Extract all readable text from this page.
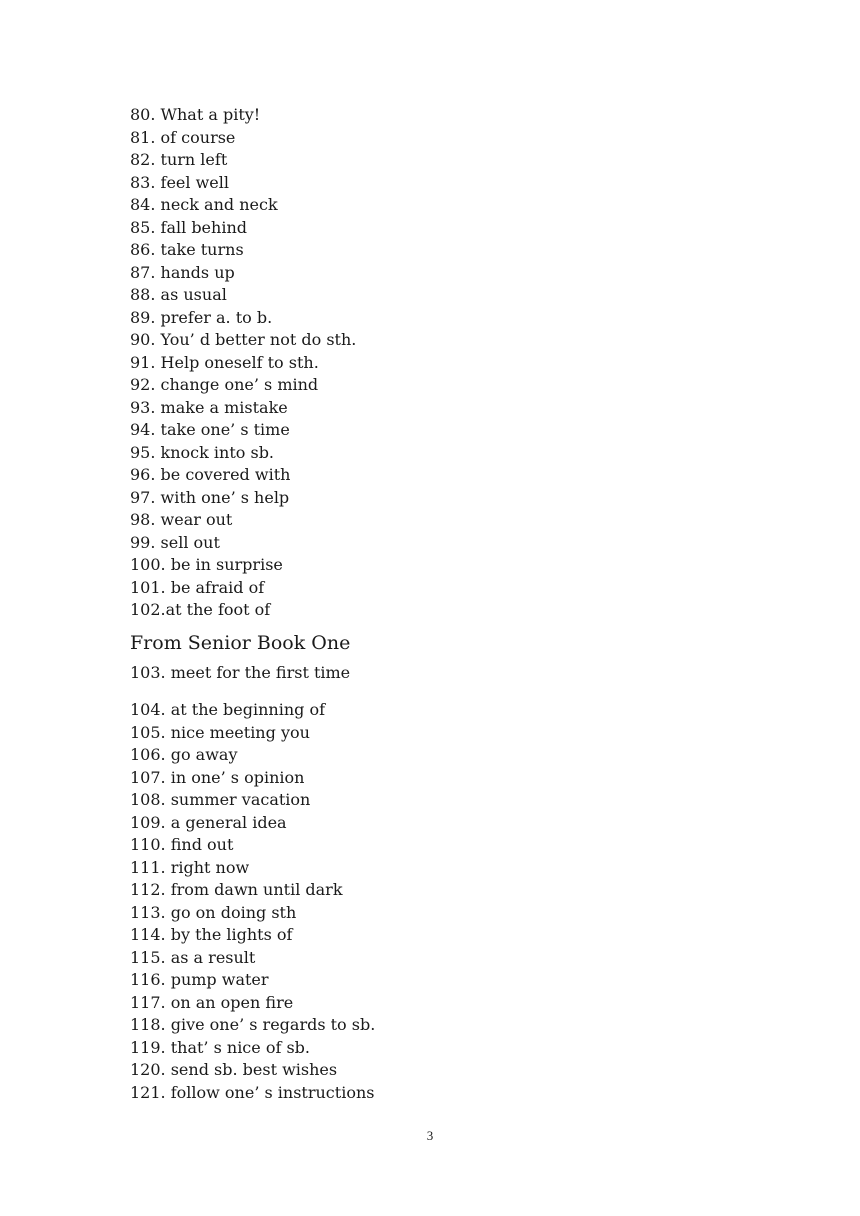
80. What a pity!
81. of course
82. turn left
83. feel well
84. neck and neck
85. fall behind
86. take turns
87. hands up
88. as usual
89. prefer a. to b.
90. You’ d better not do sth.
91. Help oneself to sth.
92. change one’ s mind
93. make a mistake
94. take one’ s time
95. knock into sb.
96. be covered with
97. with one’ s help
98. wear out
99. sell out
100. be in surprise
101. be afraid of
102.at the foot of
From Senior Book One
103. meet for the first time
104. at the beginning of
105. nice meeting you
106. go away
107. in one’ s opinion
108. summer vacation
109. a general idea
110. find out
111. right now
112. from dawn until dark
113. go on doing sth
114. by the lights of
115. as a result
116. pump water
117. on an open fire
118. give one’ s regards to sb.
119. that’ s nice of sb.
120. send sb. best wishes
121. follow one’ s instructions
3
